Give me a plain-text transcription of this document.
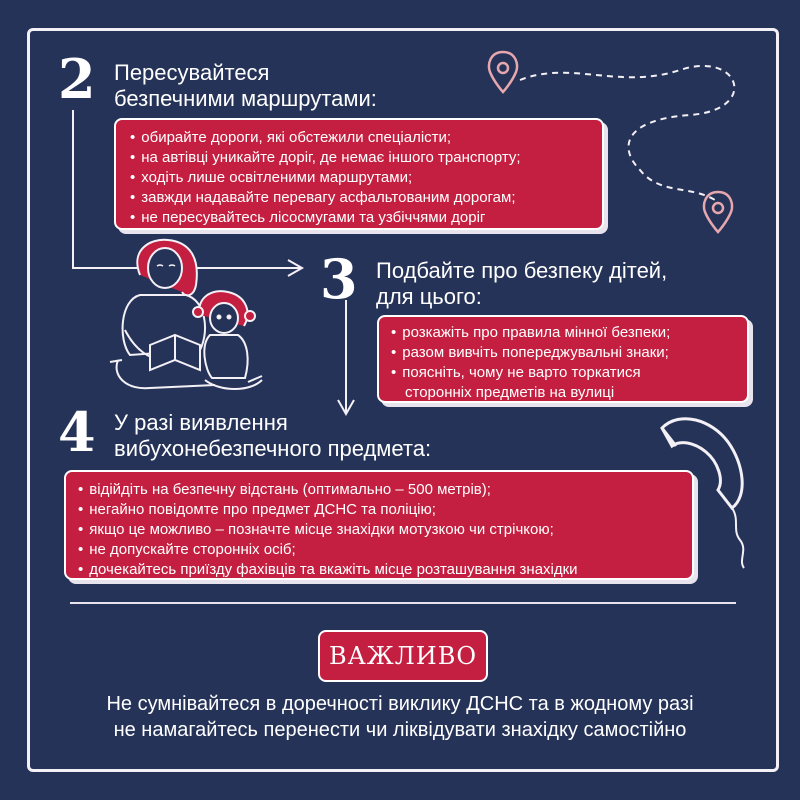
2 Пересувайтеся
безпечними маршрутами:
• обирайте дороги, які обстежили спеціалісти;
• на автівці уникайте доріг, де немає іншого транспорту;
• ходіть лише освітленими маршрутами;
• завжди надавайте перевагу асфальтованим дорогам;
• не пересувайтесь лісосмугами та узбіччями доріг
3 Подбайте про безпеку дітей,
для цього:
• розкажіть про правила мінної безпеки;
• разом вивчіть попереджувальні знаки;
• поясніть, чому не варто торкатися
сторонніх предметів на вулиці
4 У разі виявлення
вибухонебезпечного предмета:
• відійдіть на безпечну відстань (оптимально – 500 метрів);
• негайно повідомте про предмет ДСНС та поліцію;
• якщо це можливо – позначте місце знахідки мотузкою чи стрічкою;
• не допускайте сторонніх осіб;
• дочекайтесь приїзду фахівців та вкажіть місце розташування знахідки
ВАЖЛИВО
Не сумнівайтеся в доречності виклику ДСНС та в жодному разі
не намагайтесь перенести чи ліквідувати знахідку самостійно
